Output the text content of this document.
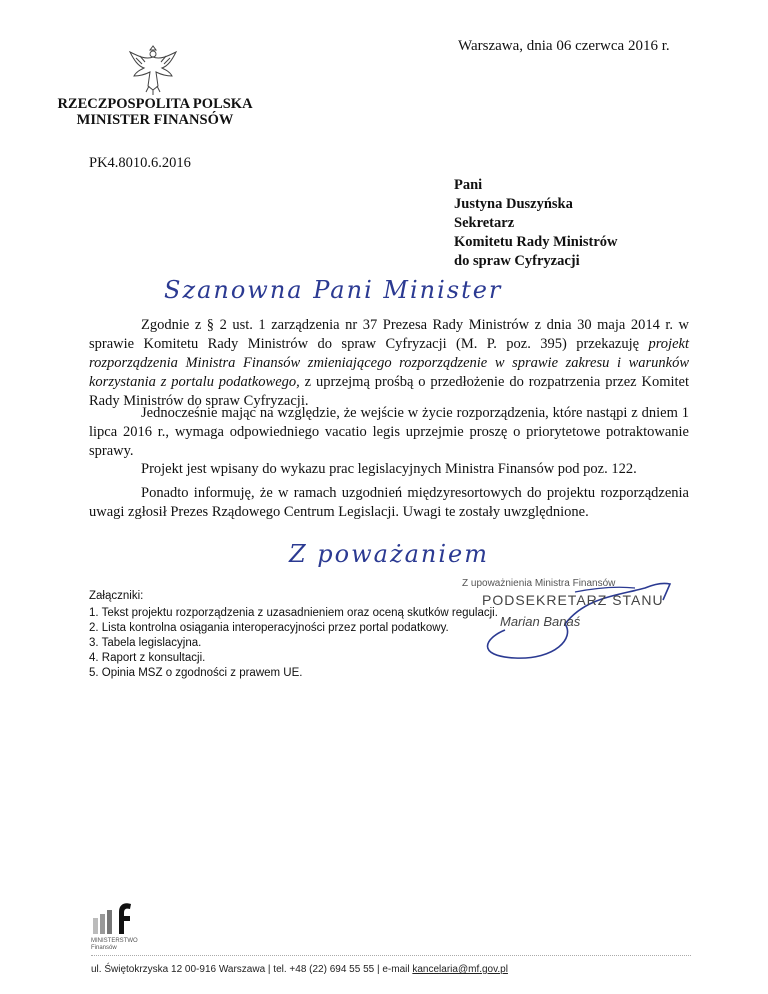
Warszawa, dnia 06 czerwca 2016 r.
RZECZPOSPOLITA POLSKA
MINISTER FINANSÓW
PK4.8010.6.2016
Pani
Justyna Duszyńska
Sekretarz
Komitetu Rady Ministrów
do spraw Cyfryzacji
Szanowna Pani Minister
Zgodnie z § 2 ust. 1 zarządzenia nr 37 Prezesa Rady Ministrów z dnia 30 maja 2014 r. w sprawie Komitetu Rady Ministrów do spraw Cyfryzacji (M. P. poz. 395) przekazuję projekt rozporządzenia Ministra Finansów zmieniającego rozporządzenie w sprawie zakresu i warunków korzystania z portalu podatkowego, z uprzejmą prośbą o przedłożenie do rozpatrzenia przez Komitet Rady Ministrów do spraw Cyfryzacji.
Jednocześnie mając na względzie, że wejście w życie rozporządzenia, które nastąpi z dniem 1 lipca 2016 r., wymaga odpowiedniego vacatio legis uprzejmie proszę o priorytetowe potraktowanie sprawy.
Projekt jest wpisany do wykazu prac legislacyjnych Ministra Finansów pod poz. 122.
Ponadto informuję, że w ramach uzgodnień międzyresortowych do projektu rozporządzenia uwagi zgłosił Prezes Rządowego Centrum Legislacji. Uwagi te zostały uwzględnione.
Z poważaniem
Z upoważnienia Ministra Finansów
PODSEKRETARZ STANU
Marian Banaś
Załączniki:
1. Tekst projektu rozporządzenia z uzasadnieniem oraz oceną skutków regulacji.
2. Lista kontrolna osiągania interoperacyjności przez portal podatkowy.
3. Tabela legislacyjna.
4. Raport z konsultacji.
5. Opinia MSZ o zgodności z prawem UE.
MINISTERSTWO
Finansów
ul. Świętokrzyska 12 00-916 Warszawa | tel. +48 (22) 694 55 55 | e-mail kancelaria@mf.gov.pl
